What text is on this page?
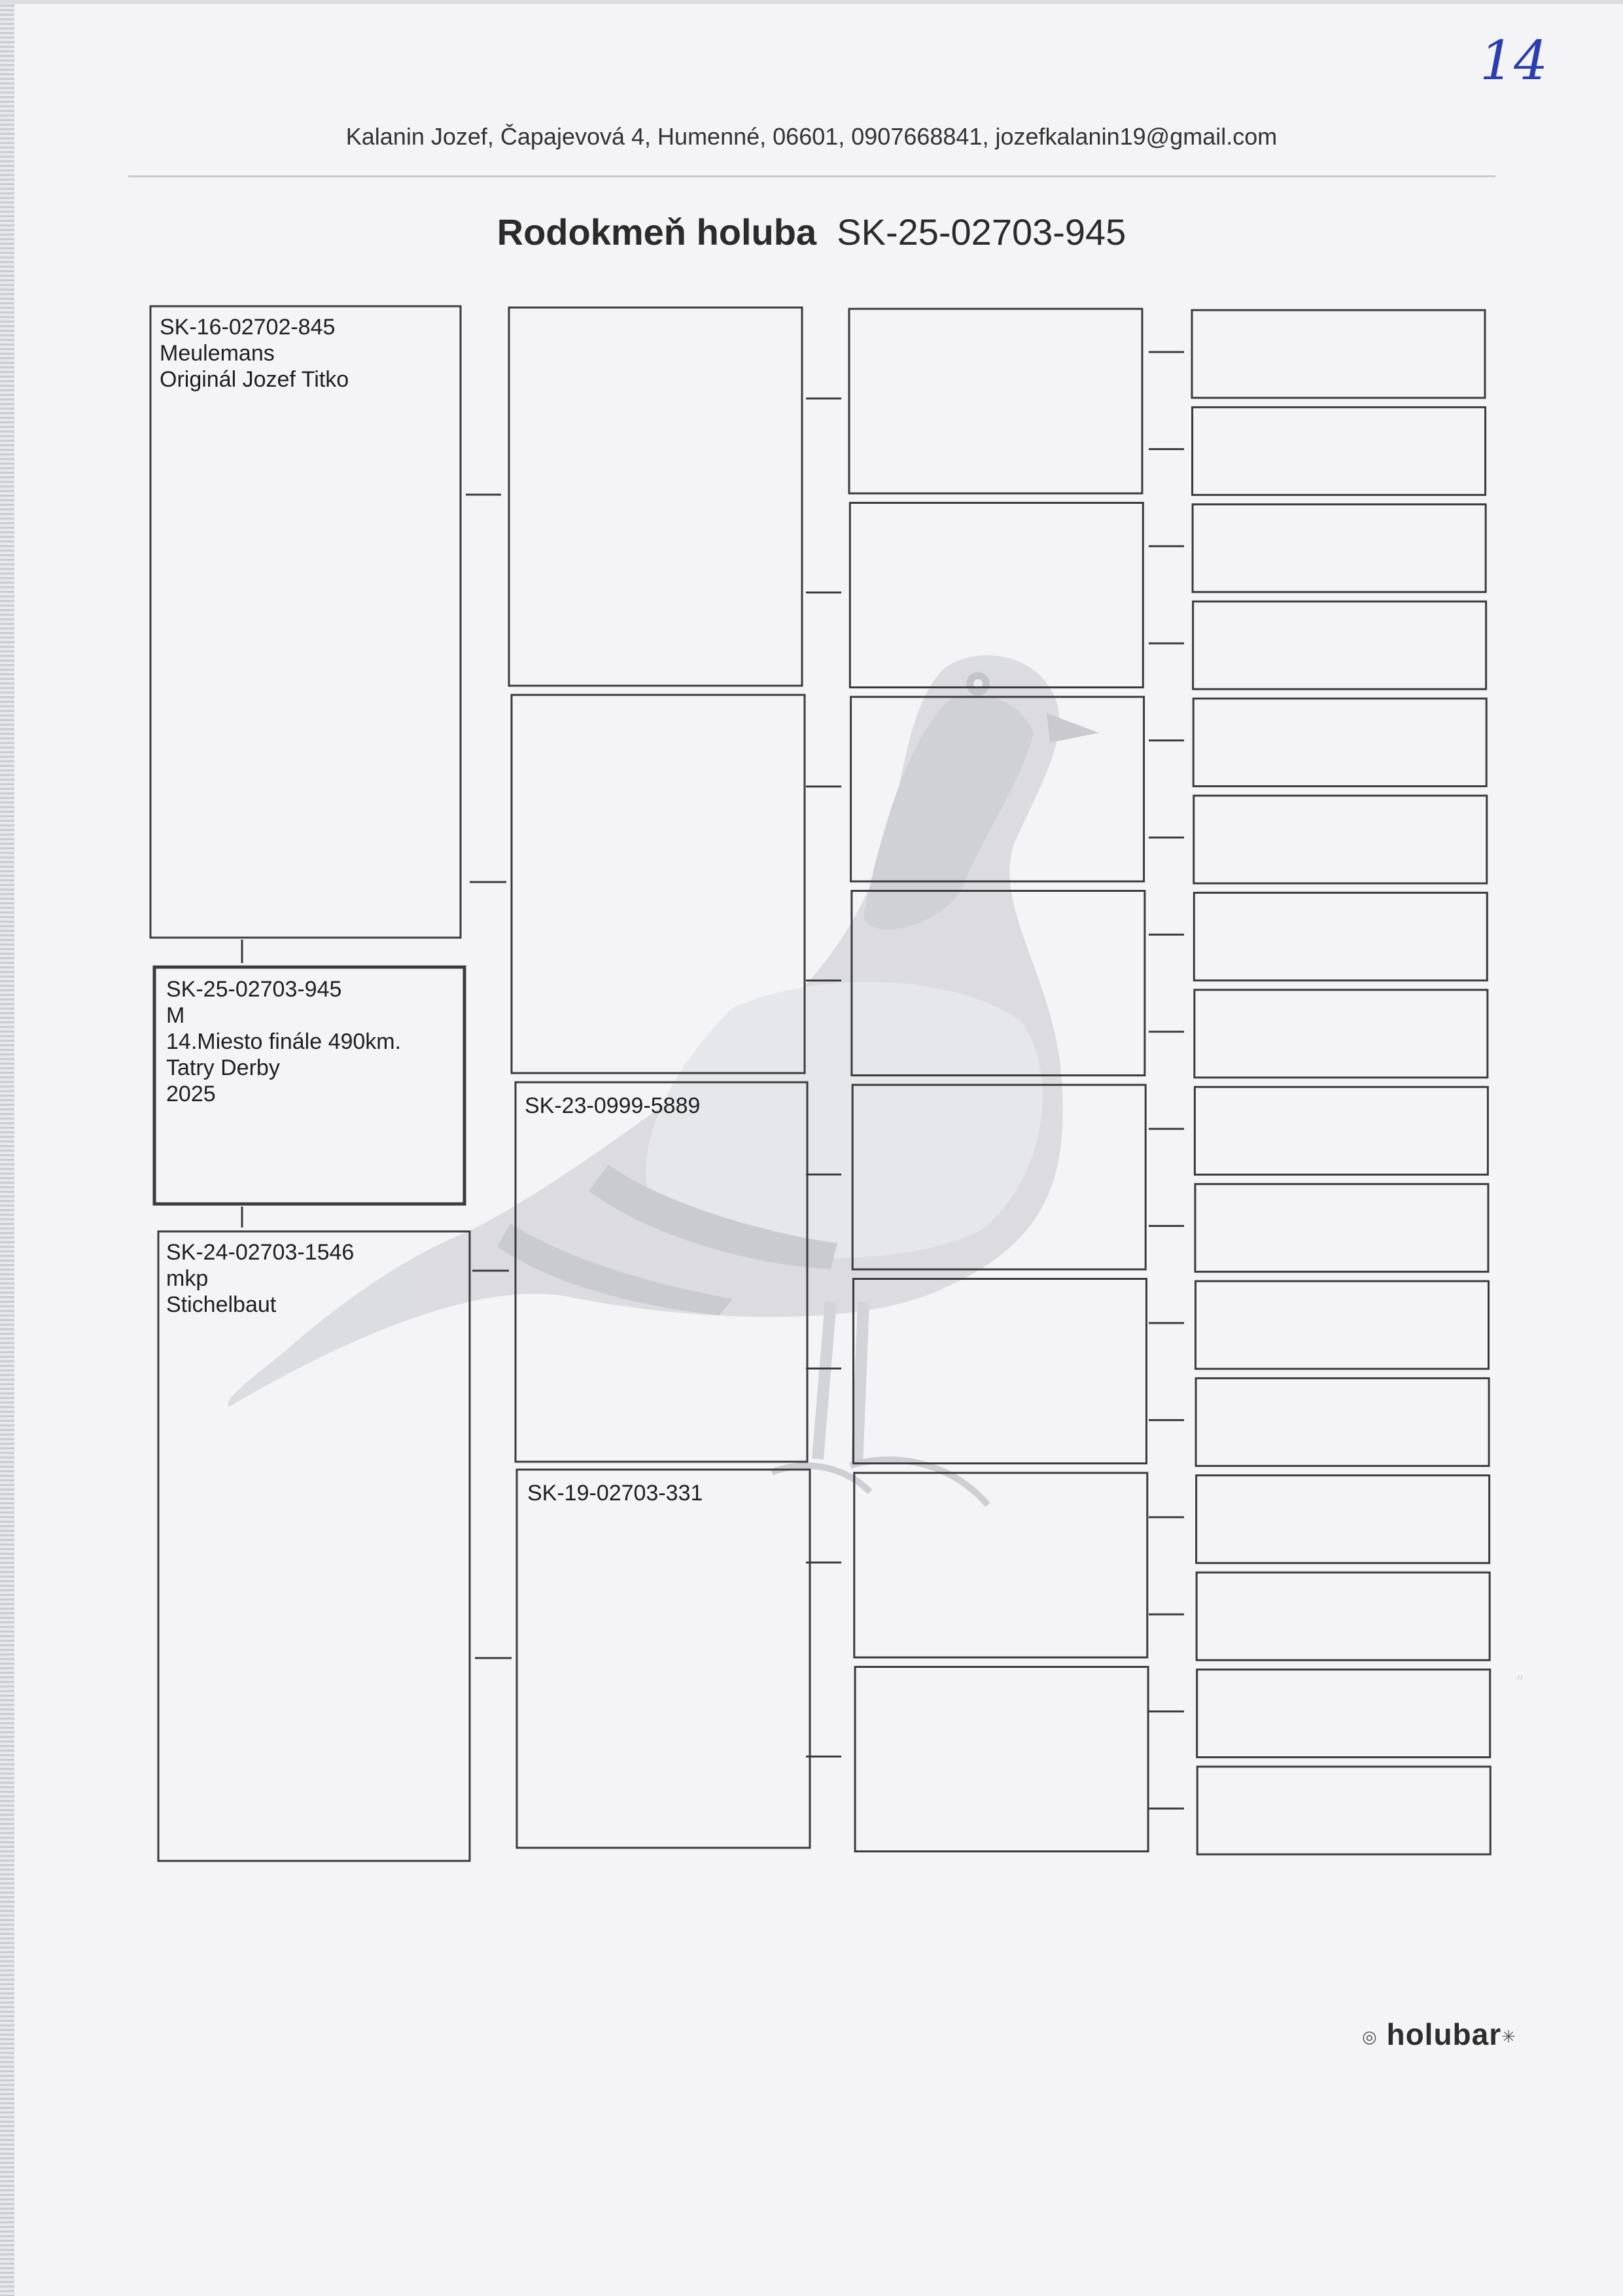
14
Kalanin Jozef, Čapajevová 4, Humenné, 06601, 0907668841, jozefkalanin19@gmail.com
Rodokmeň holuba SK-25-02703-945
SK-16-02702-845
Meulemans
Originál Jozef Titko
SK-25-02703-945
M
14.Miesto finále 490km.
Tatry Derby
2025
SK-24-02703-1546
mkp
Stichelbaut
SK-23-0999-5889
SK-19-02703-331
◎ holubar✳
″
